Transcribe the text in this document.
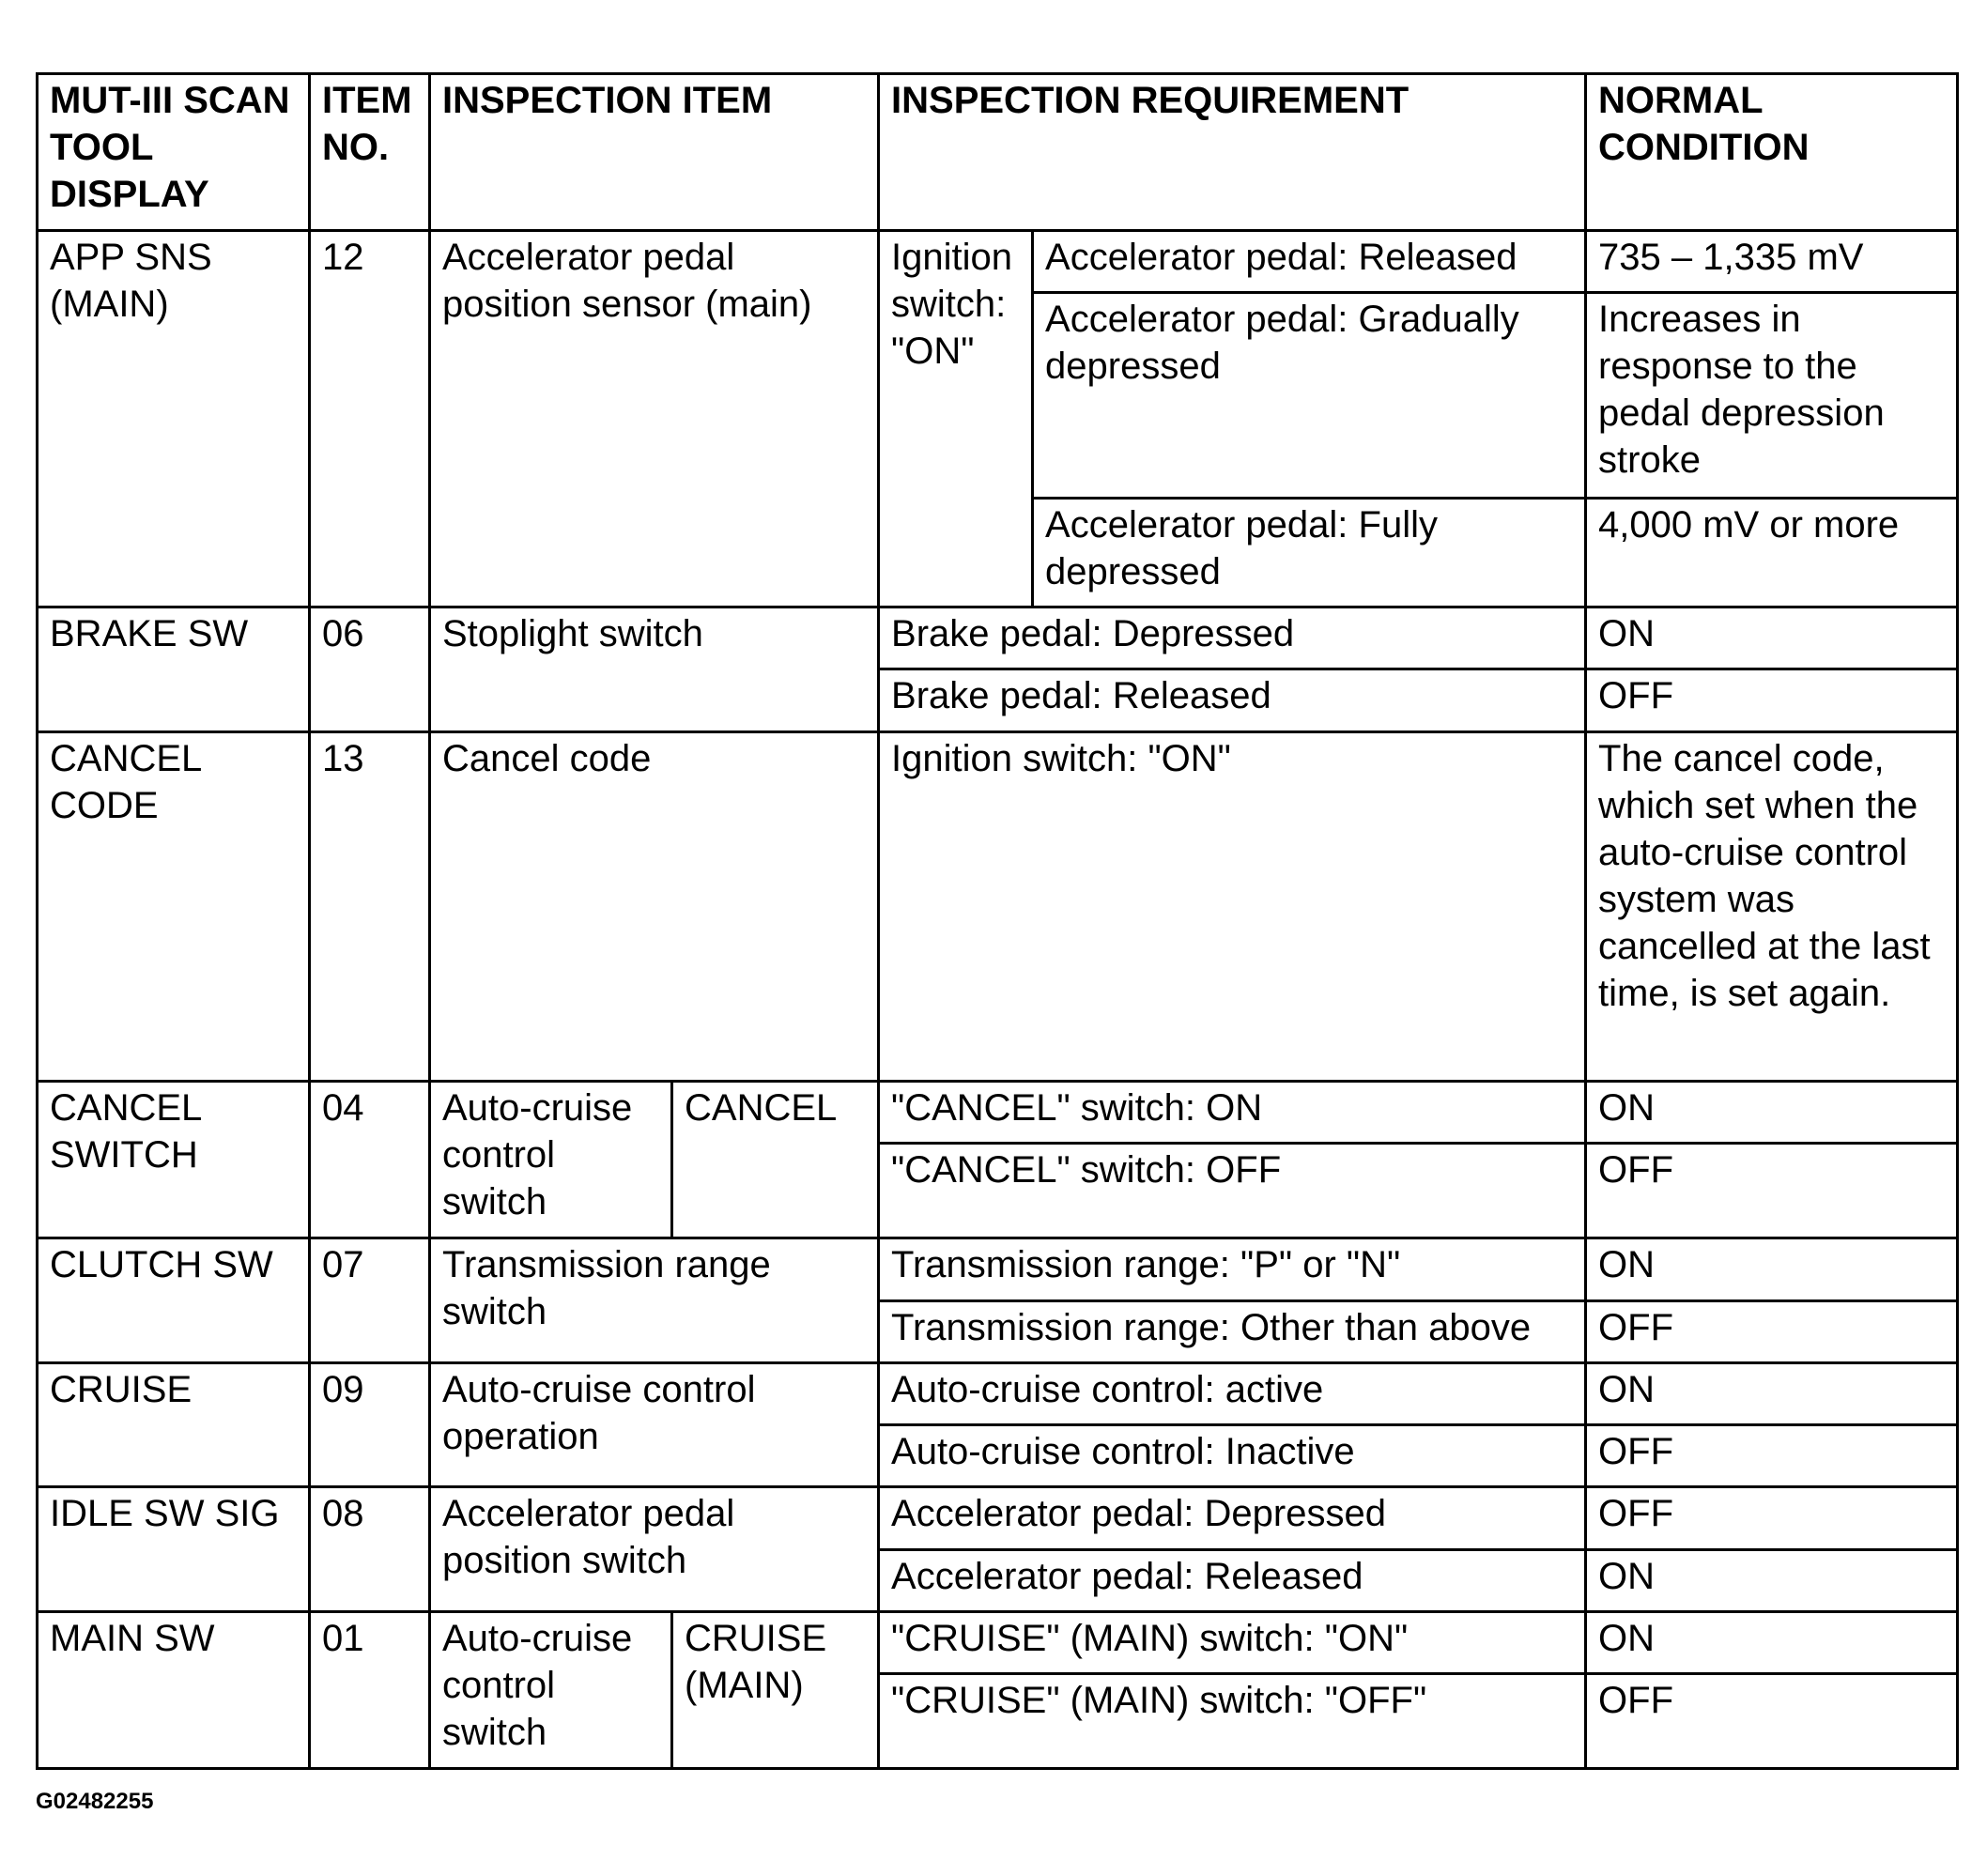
MUT-III SCAN TOOL DISPLAY	ITEM NO.	INSPECTION ITEM		INSPECTION REQUIREMENT		NORMAL CONDITION
APP SNS (MAIN)	12	Accelerator pedal position sensor (main)		Ignition switch: "ON"	Accelerator pedal: Released	735 – 1,335 mV
					Accelerator pedal: Gradually depressed	Increases in response to the pedal depression stroke
					Accelerator pedal: Fully depressed	4,000 mV or more
BRAKE SW	06	Stoplight switch		Brake pedal: Depressed		ON
				Brake pedal: Released		OFF
CANCEL CODE	13	Cancel code		Ignition switch: "ON"		The cancel code, which set when the auto-cruise control system was cancelled at the last time, is set again.
CANCEL SWITCH	04	Auto-cruise control switch	CANCEL	"CANCEL" switch: ON		ON
				"CANCEL" switch: OFF		OFF
CLUTCH SW	07	Transmission range switch		Transmission range: "P" or "N"		ON
				Transmission range: Other than above		OFF
CRUISE	09	Auto-cruise control operation		Auto-cruise control: active		ON
				Auto-cruise control: Inactive		OFF
IDLE SW SIG	08	Accelerator pedal position switch		Accelerator pedal: Depressed		OFF
				Accelerator pedal: Released		ON
MAIN SW	01	Auto-cruise control switch	CRUISE (MAIN)	"CRUISE" (MAIN) switch: "ON"		ON
				"CRUISE" (MAIN) switch: "OFF"		OFF
G02482255
